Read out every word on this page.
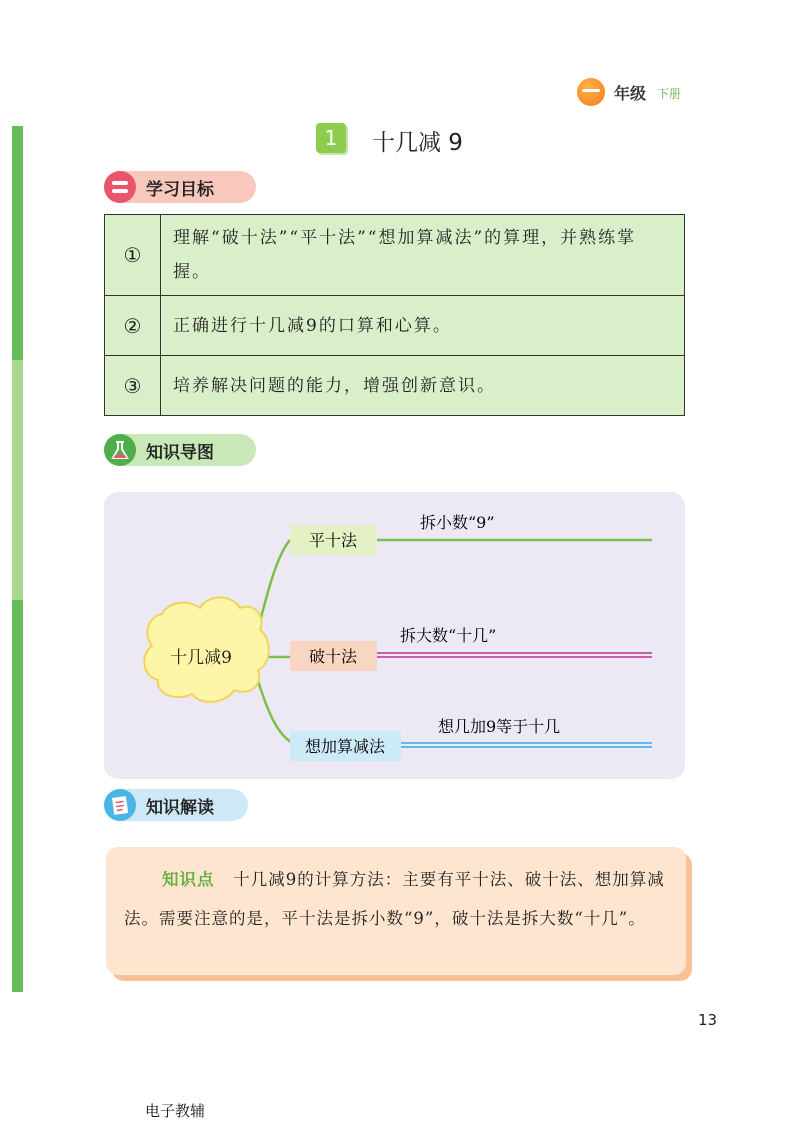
年级 下册
1	十几减 9
学习目标
①	理解“破十法”“平十法”“想加算减法”的算理，并熟练掌握。
②	正确进行十几减9的口算和心算。
③	培养解决问题的能力，增强创新意识。
知识导图
十几减9
平十法
拆小数“9”
破十法
拆大数“十几”
想加算减法
想几加9等于十几
知识解读
知识点 十几减9的计算方法：主要有平十法、破十法、想加算减法。需要注意的是，平十法是拆小数“9”，破十法是拆大数“十几”。
13
电子教辅
